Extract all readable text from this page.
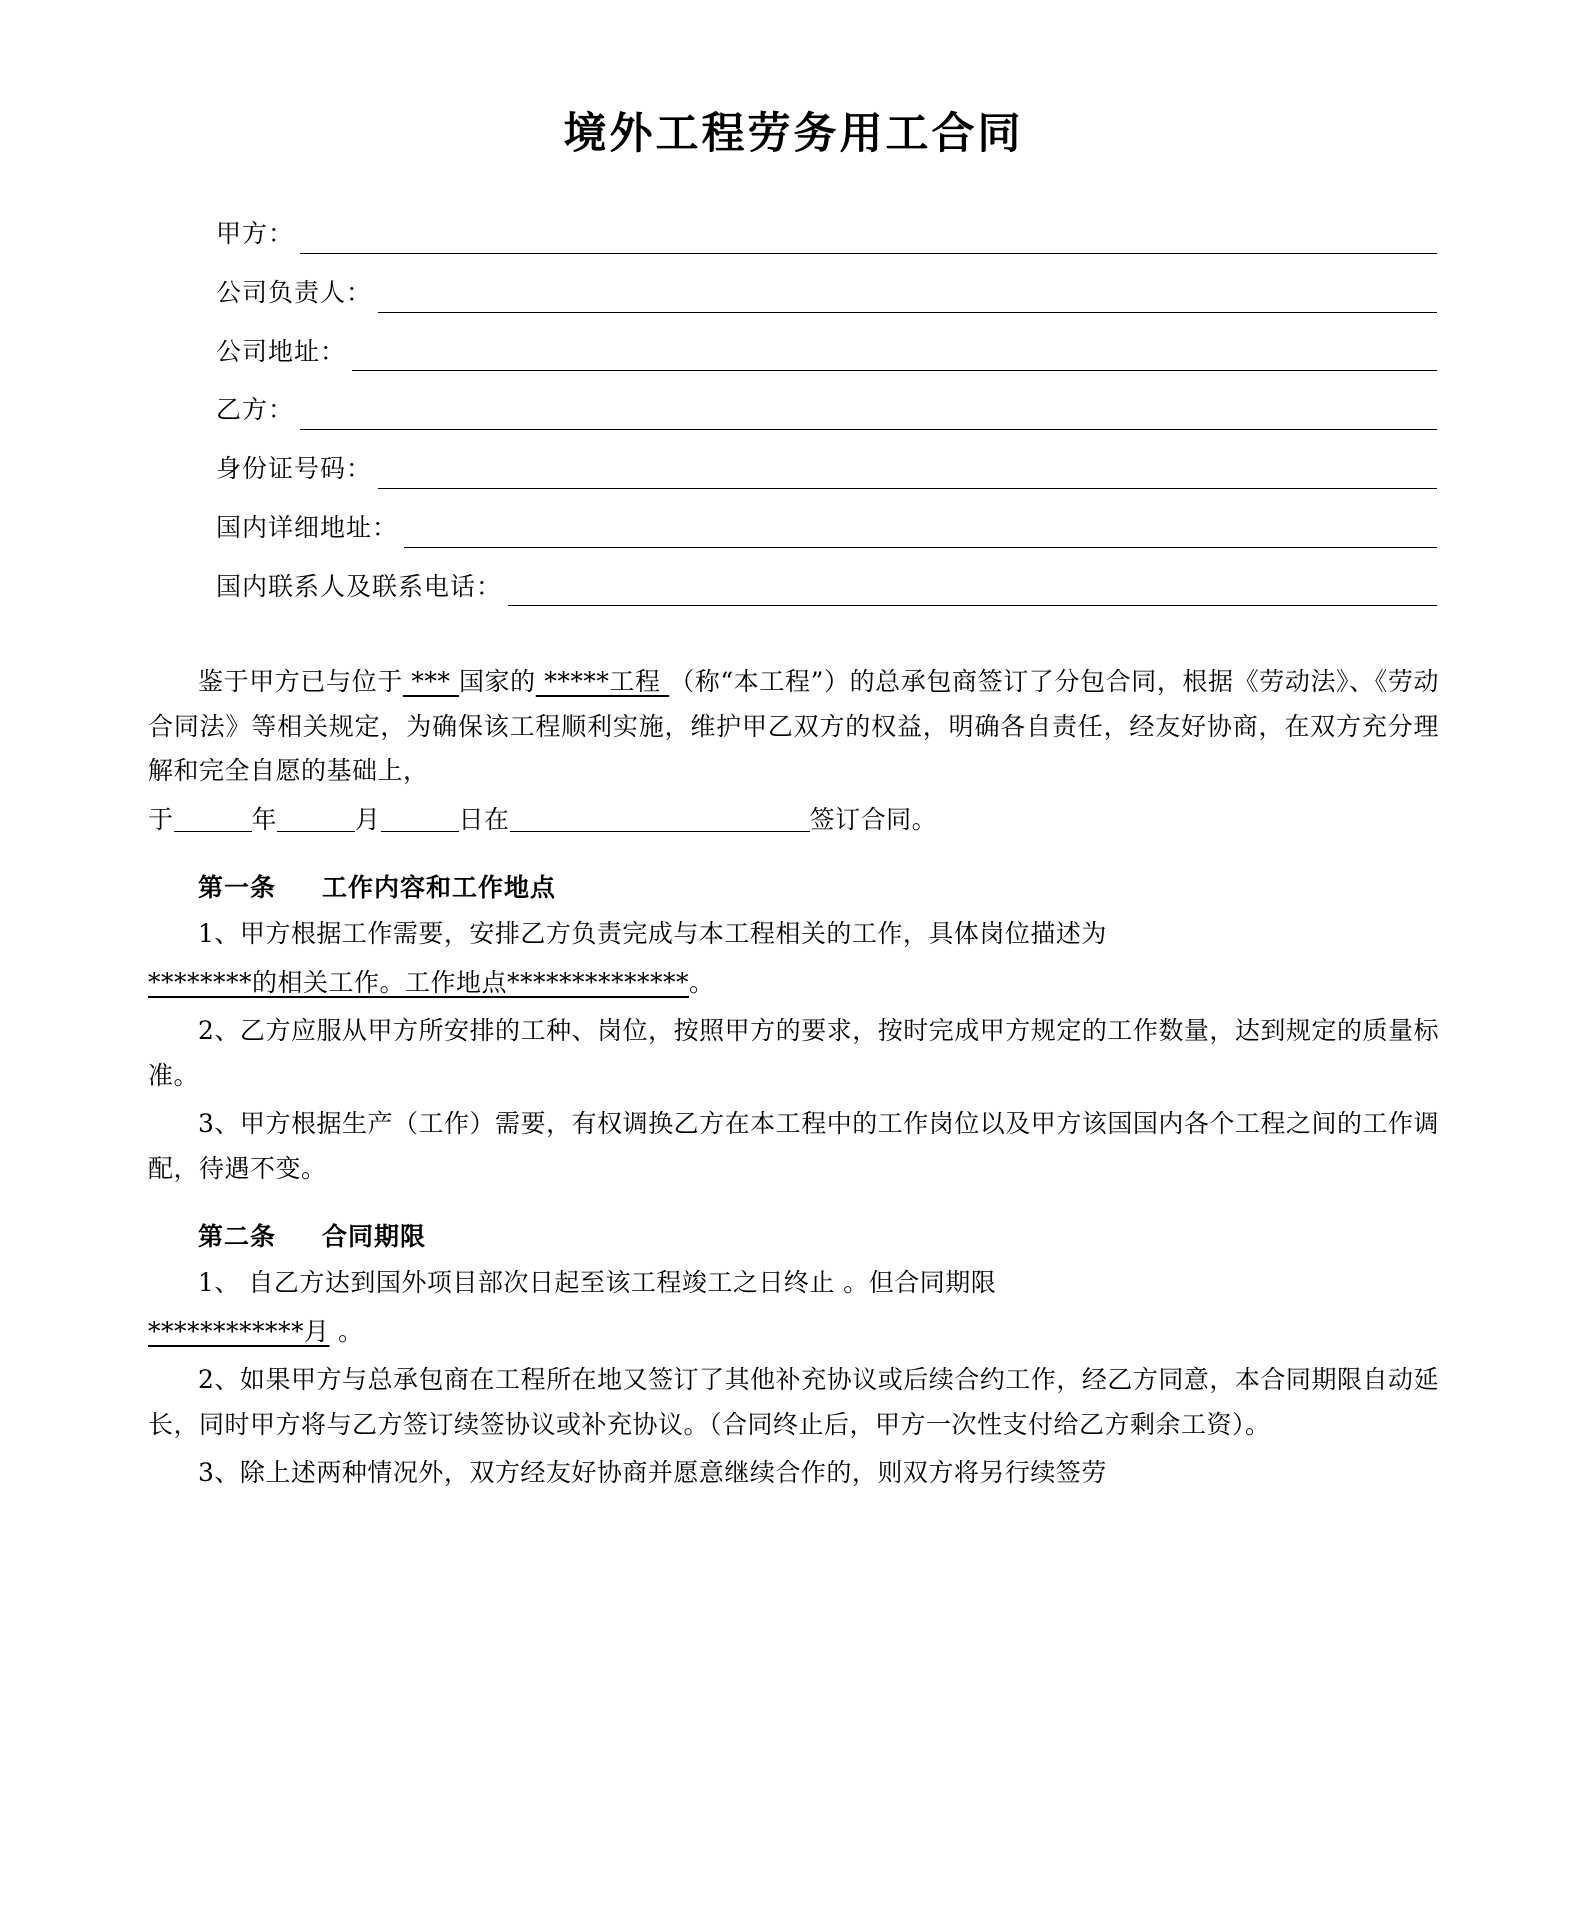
境外工程劳务用工合同
甲方：
公司负责人：
公司地址：
乙方：
身份证号码：
国内详细地址：
国内联系人及联系电话：

鉴于甲方已与位于 *** 国家的 *****工程 （称“本工程”）的总承包商签订了分包合同，根据《劳动法》、《劳动合同法》等相关规定，为确保该工程顺利实施，维护甲乙双方的权益，明确各自责任，经友好协商，在双方充分理解和完全自愿的基础上，

于	年	月	日在	签订合同。

第一条 工作内容和工作地点

1、甲方根据工作需要，安排乙方负责完成与本工程相关的工作，具体岗位描述为

********的相关工作。工作地点**************。

2、乙方应服从甲方所安排的工种、岗位，按照甲方的要求，按时完成甲方规定的工作数量，达到规定的质量标准。

3、甲方根据生产（工作）需要，有权调换乙方在本工程中的工作岗位以及甲方该国国内各个工程之间的工作调配，待遇不变。

第二条 合同期限

1、 自乙方达到国外项目部次日起至该工程竣工之日终止 。但合同期限

************月 。

2、如果甲方与总承包商在工程所在地又签订了其他补充协议或后续合约工作，经乙方同意，本合同期限自动延长，同时甲方将与乙方签订续签协议或补充协议。（合同终止后，甲方一次性支付给乙方剩余工资）。

3、除上述两种情况外，双方经友好协商并愿意继续合作的，则双方将另行续签劳
